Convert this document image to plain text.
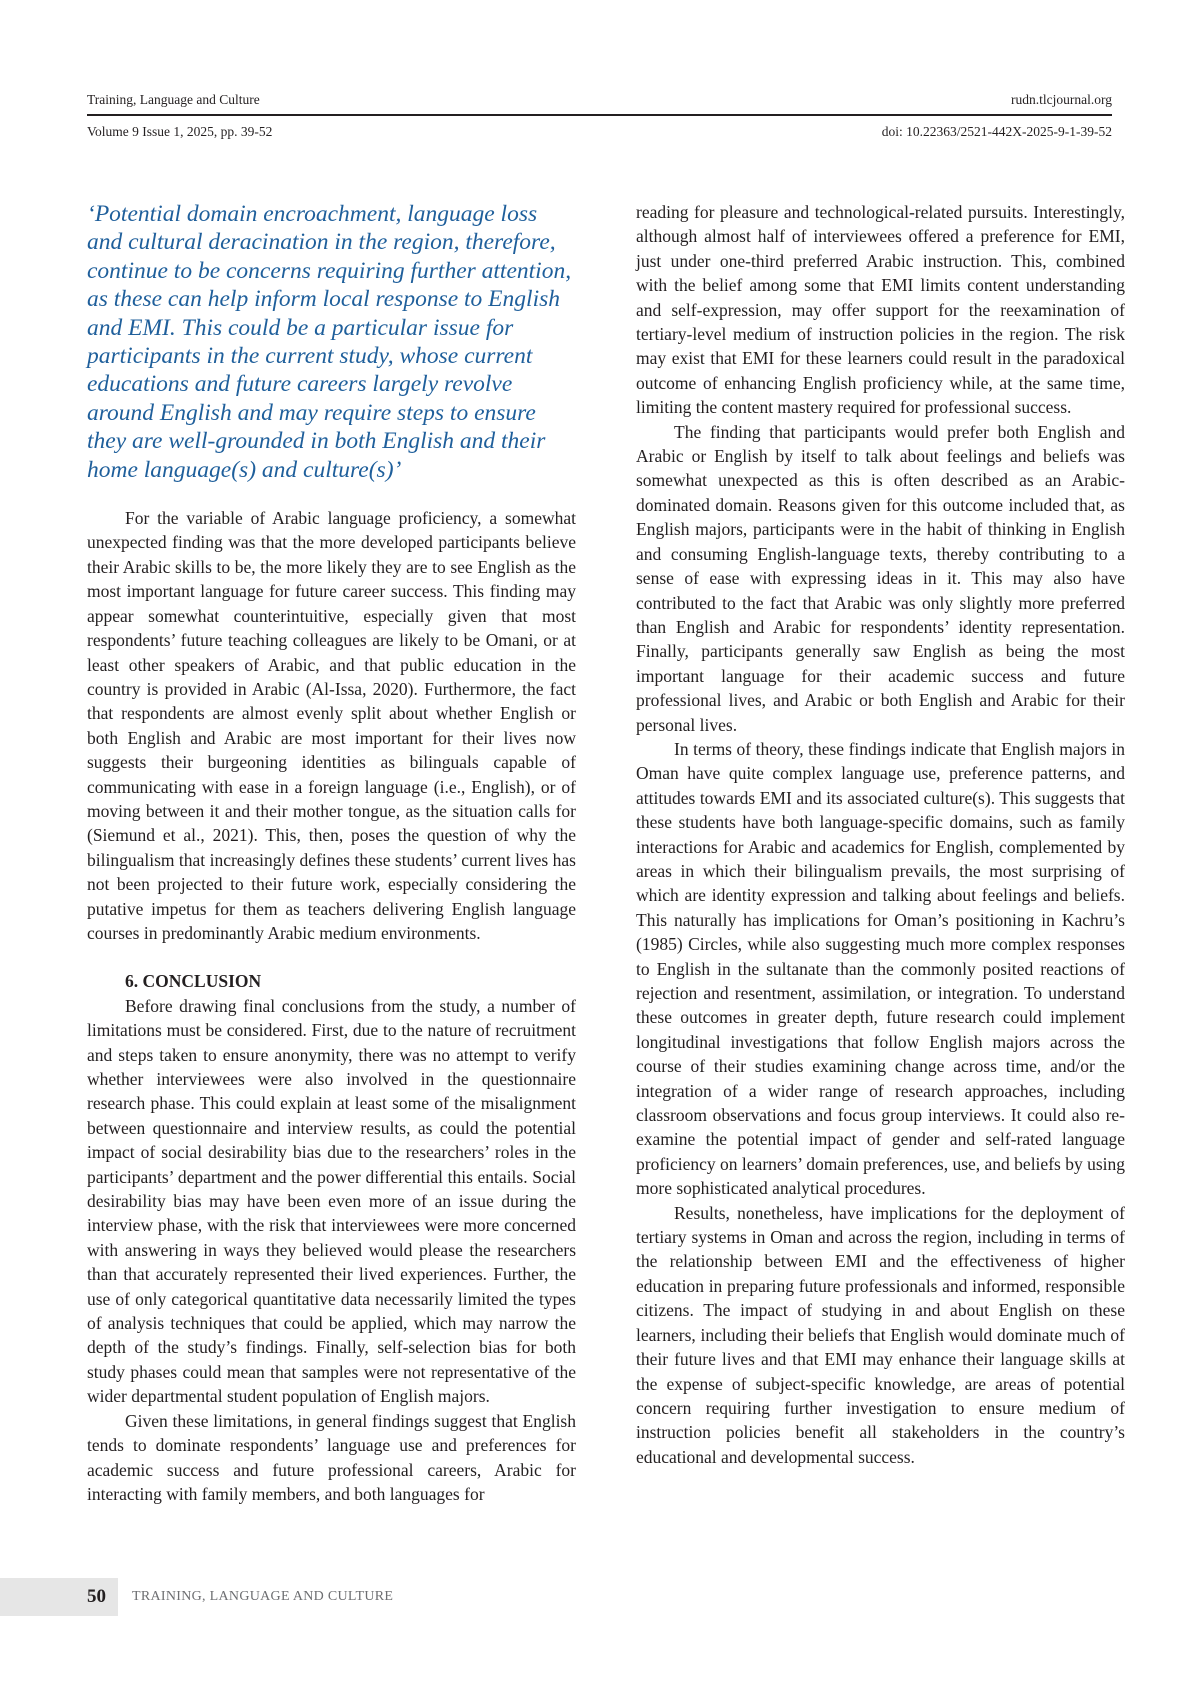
Training, Language and Culture	rudn.tlcjournal.org
Volume 9 Issue 1, 2025, pp. 39-52	doi: 10.22363/2521-442X-2025-9-1-39-52
‘Potential domain encroachment, language loss and cultural deracination in the region, therefore, continue to be concerns requiring further attention, as these can help inform local response to English and EMI. This could be a particular issue for participants in the current study, whose current educations and future careers largely revolve around English and may require steps to ensure they are well-grounded in both English and their home language(s) and culture(s)’

For the variable of Arabic language proficiency, a somewhat unexpected finding was that the more developed participants believe their Arabic skills to be, the more likely they are to see English as the most important language for future career success. This finding may appear somewhat counterintuitive, especially given that most respondents’ future teaching colleagues are likely to be Omani, or at least other speakers of Arabic, and that public education in the country is provided in Arabic (Al-Issa, 2020). Furthermore, the fact that respondents are almost evenly split about whether English or both English and Arabic are most important for their lives now suggests their burgeoning identities as bilinguals capable of communicating with ease in a foreign language (i.e., English), or of moving between it and their mother tongue, as the situation calls for (Siemund et al., 2021). This, then, poses the question of why the bilingualism that increasingly defines these students’ current lives has not been projected to their future work, especially considering the putative impetus for them as teachers delivering English language courses in predominantly Arabic medium environments.

6. CONCLUSION

Before drawing final conclusions from the study, a number of limitations must be considered. First, due to the nature of recruitment and steps taken to ensure anonymity, there was no attempt to verify whether interviewees were also involved in the questionnaire research phase. This could explain at least some of the misalignment between questionnaire and interview results, as could the potential impact of social desirability bias due to the researchers’ roles in the participants’ department and the power differential this entails. Social desirability bias may have been even more of an issue during the interview phase, with the risk that interviewees were more concerned with answering in ways they believed would please the researchers than that accurately represented their lived experiences. Further, the use of only categorical quantitative data necessarily limited the types of analysis techniques that could be applied, which may narrow the depth of the study’s findings. Finally, self-selection bias for both study phases could mean that samples were not representative of the wider departmental student population of English majors.

Given these limitations, in general findings suggest that English tends to dominate respondents’ language use and preferences for academic success and future professional careers, Arabic for interacting with family members, and both languages for

reading for pleasure and technological-related pursuits. Interestingly, although almost half of interviewees offered a preference for EMI, just under one-third preferred Arabic instruction. This, combined with the belief among some that EMI limits content understanding and self-expression, may offer support for the reexamination of tertiary-level medium of instruction policies in the region. The risk may exist that EMI for these learners could result in the paradoxical outcome of enhancing English proficiency while, at the same time, limiting the content mastery required for professional success.

The finding that participants would prefer both English and Arabic or English by itself to talk about feelings and beliefs was somewhat unexpected as this is often described as an Arabic-dominated domain. Reasons given for this outcome included that, as English majors, participants were in the habit of thinking in English and consuming English-language texts, thereby contributing to a sense of ease with expressing ideas in it. This may also have contributed to the fact that Arabic was only slightly more preferred than English and Arabic for respondents’ identity representation. Finally, participants generally saw English as being the most important language for their academic success and future professional lives, and Arabic or both English and Arabic for their personal lives.

In terms of theory, these findings indicate that English majors in Oman have quite complex language use, preference patterns, and attitudes towards EMI and its associated culture(s). This suggests that these students have both language-specific domains, such as family interactions for Arabic and academics for English, complemented by areas in which their bilingualism prevails, the most surprising of which are identity expression and talking about feelings and beliefs. This naturally has implications for Oman’s positioning in Kachru’s (1985) Circles, while also suggesting much more complex responses to English in the sultanate than the commonly posited reactions of rejection and resentment, assimilation, or integration. To understand these outcomes in greater depth, future research could implement longitudinal investigations that follow English majors across the course of their studies examining change across time, and/or the integration of a wider range of research approaches, including classroom observations and focus group interviews. It could also re-examine the potential impact of gender and self-rated language proficiency on learners’ domain preferences, use, and beliefs by using more sophisticated analytical procedures.

Results, nonetheless, have implications for the deployment of tertiary systems in Oman and across the region, including in terms of the relationship between EMI and the effectiveness of higher education in preparing future professionals and informed, responsible citizens. The impact of studying in and about English on these learners, including their beliefs that English would dominate much of their future lives and that EMI may enhance their language skills at the expense of subject-specific knowledge, are areas of potential concern requiring further investigation to ensure medium of instruction policies benefit all stakeholders in the country’s educational and developmental success.

50	TRAINING, LANGUAGE AND CULTURE
